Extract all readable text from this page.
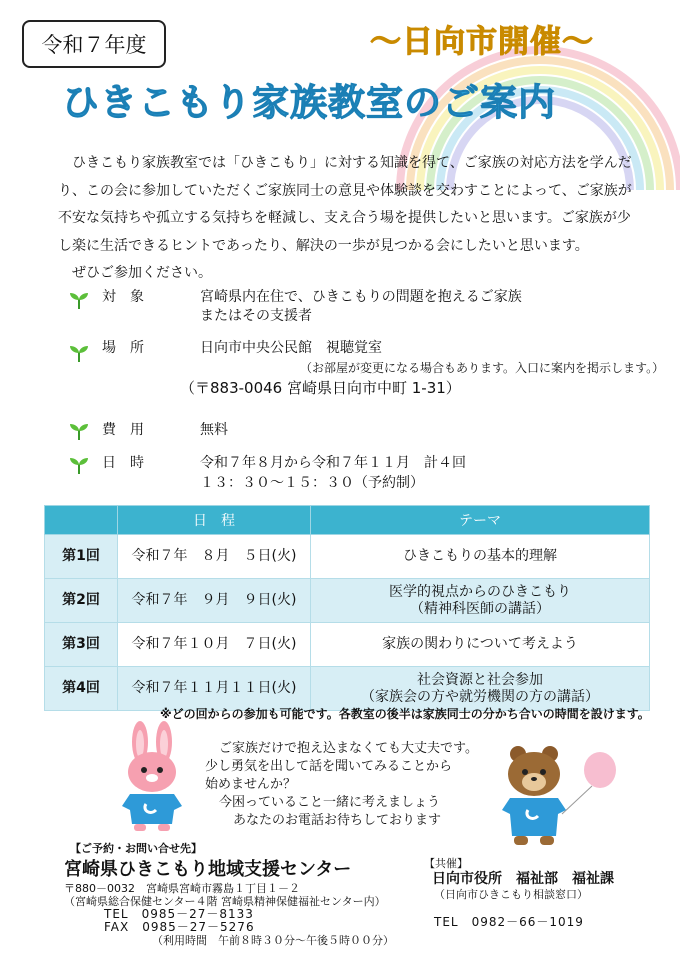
令和７年度	～日向市開催～
ひきこもり家族教室のご案内

ひきこもり家族教室では「ひきこもり」に対する知識を得て、ご家族の対応方法を学んだり、この会に参加していただくご家族同士の意見や体験談を交わすことによって、ご家族が不安な気持ちや孤立する気持ちを軽減し、支え合う場を提供したいと思います。ご家族が少し楽に生活できるヒントであったり、解決の一歩が見つかる会にしたいと思います。

ぜひご参加ください。

対象	宮崎県内在住で、ひきこもりの問題を抱えるご家族
またはその支援者
場所	日向市中央公民館　視聴覚室
（お部屋が変更になる場合もあります。入口に案内を掲示します。）
（〒883-0046 宮崎県日向市中町 1-31）
費用	無料
日時	令和７年８月から令和７年１１月　計４回
１３：３０～１５：３０（予約制）
	日　程	テーマ
第1回	令和７年　８月　５日(火)	ひきこもりの基本的理解

第2回	令和７年　９月　９日(火)	医学的視点からのひきこもり
（精神科医師の講話）

第3回	令和７年１０月　７日(火)	家族の関わりについて考えよう

第4回	令和７年１１月１１日(火)	社会資源と社会参加
（家族会の方や就労機関の方の講話）
※どの回からの参加も可能です。各教室の後半は家族同士の分かち合いの時間を設けます。
ご家族だけで抱え込まなくても大丈夫です。
少し勇気を出して話を聞いてみることから
始めませんか？
今困っていること一緒に考えましょう
あなたのお電話お待ちしております
【ご予約・お問い合せ先】
宮崎県ひきこもり地域支援センター
〒880－0032　宮崎県宮崎市霧島１丁目１－２
（宮崎県総合保健センター４階 宮崎県精神保健福祉センター内）
TEL　0985－27－8133
FAX　0985－27－5276
（利用時間　午前８時３０分～午後５時００分）
【共催】
日向市役所　福祉部　福祉課
（日向市ひきこもり相談窓口）
TEL　0982－66－1019
